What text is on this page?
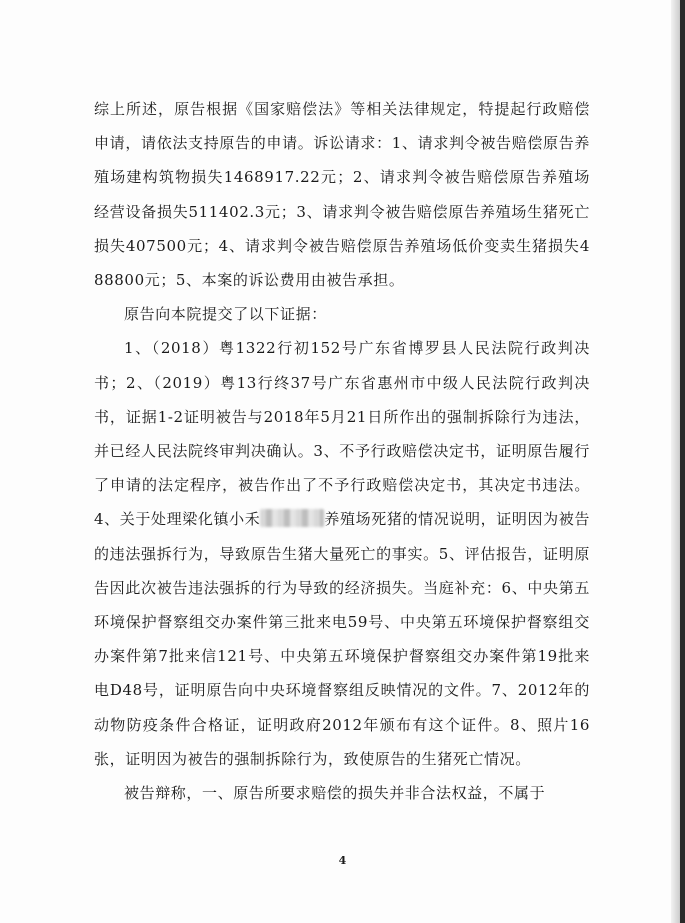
综上所述，原告根据《国家赔偿法》等相关法律规定，特提起行政赔偿申请，请依法支持原告的申请。诉讼请求：1、请求判令被告赔偿原告养殖场建构筑物损失1468917.22元；2、请求判令被告赔偿原告养殖场经营设备损失511402.3元；3、请求判令被告赔偿原告养殖场生猪死亡损失407500元；4、请求判令被告赔偿原告养殖场低价变卖生猪损失488800元；5、本案的诉讼费用由被告承担。

原告向本院提交了以下证据：

1、（2018）粤1322行初152号广东省博罗县人民法院行政判决书；2、（2019）粤13行终37号广东省惠州市中级人民法院行政判决书，证据1-2证明被告与2018年5月21日所作出的强制拆除行为违法，并已经人民法院终审判决确认。3、不予行政赔偿决定书，证明原告履行了申请的法定程序，被告作出了不予行政赔偿决定书，其决定书违法。4、关于处理梁化镇小禾	养殖场死猪的情况说明，证明因为被告的违法强拆行为，导致原告生猪大量死亡的事实。5、评估报告，证明原告因此次被告违法强拆的行为导致的经济损失。当庭补充：6、中央第五环境保护督察组交办案件第三批来电59号、中央第五环境保护督察组交办案件第7批来信121号、中央第五环境保护督察组交办案件第19批来电D48号，证明原告向中央环境督察组反映情况的文件。7、2012年的动物防疫条件合格证，证明政府2012年颁布有这个证件。8、照片16张，证明因为被告的强制拆除行为，致使原告的生猪死亡情况。

被告辩称，一、原告所要求赔偿的损失并非合法权益，不属于

4
